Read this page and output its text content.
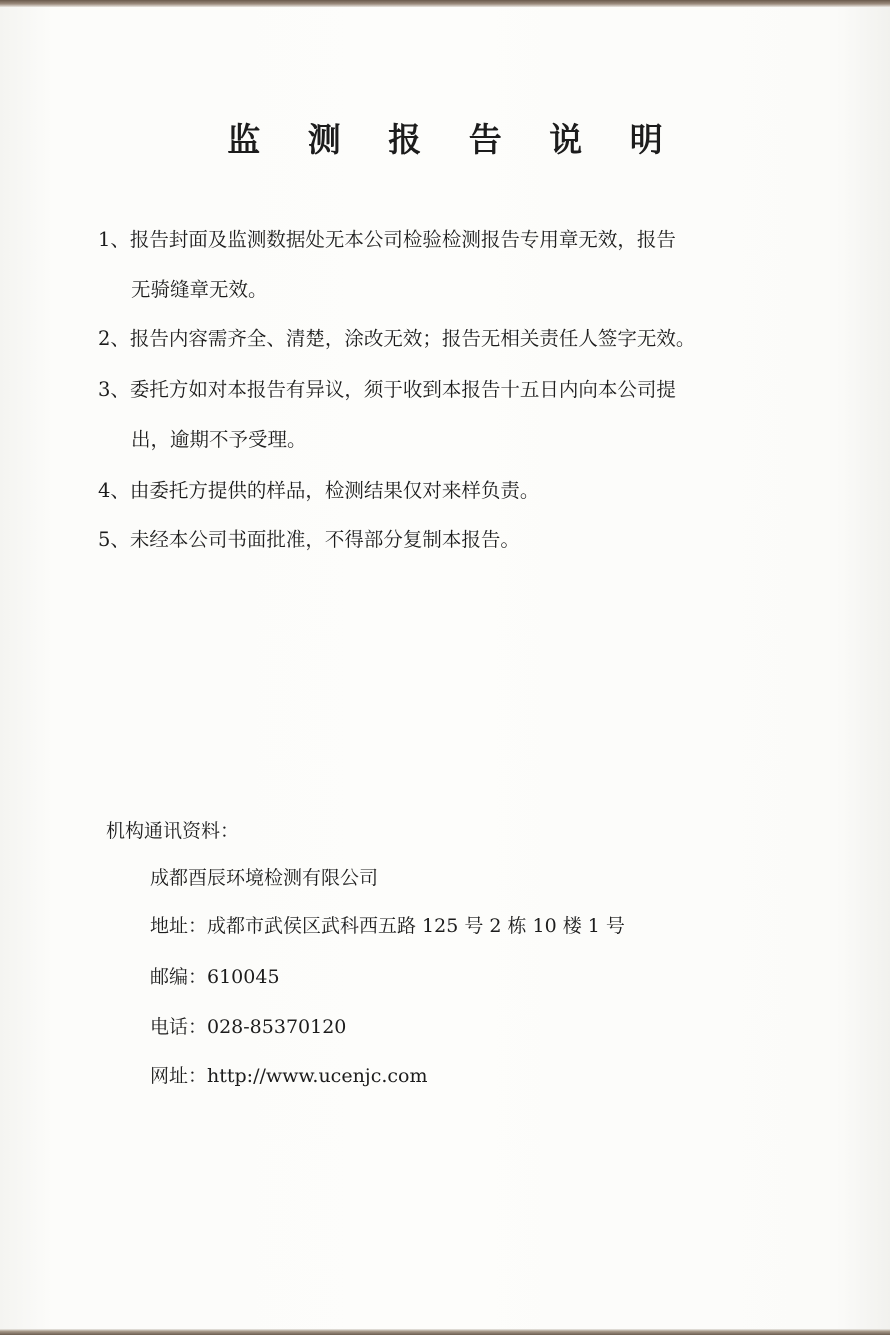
监 测 报 告 说 明
1、报告封面及监测数据处无本公司检验检测报告专用章无效，报告
无骑缝章无效。
2、报告内容需齐全、清楚，涂改无效；报告无相关责任人签字无效。
3、委托方如对本报告有异议，须于收到本报告十五日内向本公司提
出，逾期不予受理。
4、由委托方提供的样品，检测结果仅对来样负责。
5、未经本公司书面批准，不得部分复制本报告。
机构通讯资料：
成都酉辰环境检测有限公司
地址：成都市武侯区武科西五路 125 号 2 栋 10 楼 1 号
邮编：610045
电话：028-85370120
网址：http://www.ucenjc.com
